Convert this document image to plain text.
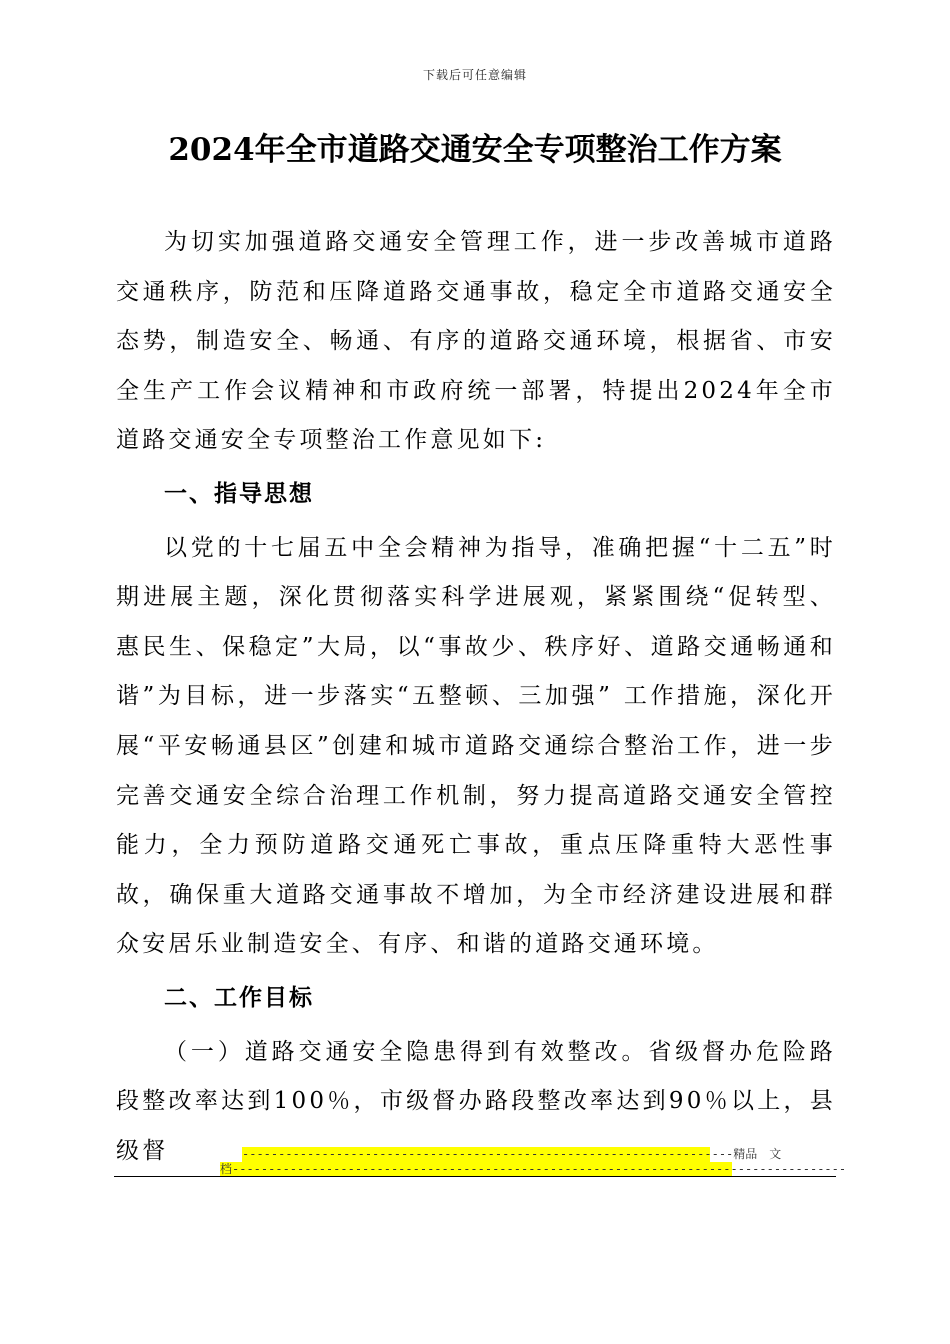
下载后可任意编辑
2024年全市道路交通安全专项整治工作方案

为切实加强道路交通安全管理工作，进一步改善城市道路交通秩序，防范和压降道路交通事故，稳定全市道路交通安全态势，制造安全、畅通、有序的道路交通环境，根据省、市安全生产工作会议精神和市政府统一部署，特提出2024年全市道路交通安全专项整治工作意见如下:

一、指导思想

以党的十七届五中全会精神为指导，准确把握“十二五”时期进展主题，深化贯彻落实科学进展观，紧紧围绕“促转型、惠民生、保稳定”大局，以“事故少、秩序好、道路交通畅通和谐”为目标，进一步落实“五整顿、三加强” 工作措施，深化开展“平安畅通县区”创建和城市道路交通综合整治工作，进一步完善交通安全综合治理工作机制，努力提高道路交通安全管控能力，全力预防道路交通死亡事故，重点压降重特大恶性事故，确保重大道路交通事故不增加，为全市经济建设进展和群众安居乐业制造安全、有序、和谐的道路交通环境。

二、工作目标

（一）道路交通安全隐患得到有效整改。省级督办危险路段整改率达到100％，市级督办路段整改率达到90％以上，县级督	--------------------------------------------------------------------精品　文
档-------------------------------------------------------------------------------------
